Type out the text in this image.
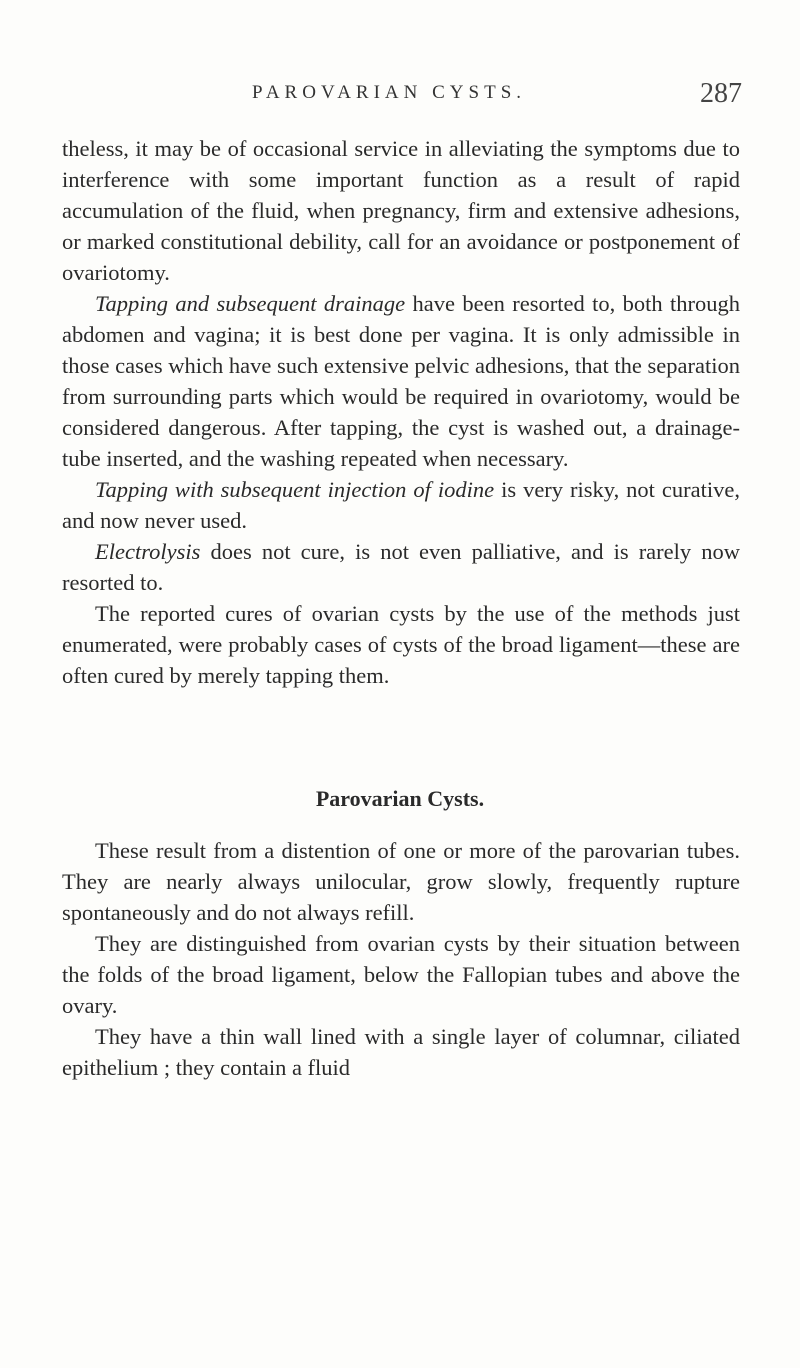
PAROVARIAN CYSTS.	287

theless, it may be of occasional service in alleviating the symptoms due to interference with some important function as a result of rapid accumulation of the fluid, when pregnancy, firm and extensive adhesions, or marked constitutional debility, call for an avoidance or postponement of ovariotomy.

Tapping and subsequent drainage have been resorted to, both through abdomen and vagina; it is best done per vagina. It is only admissible in those cases which have such extensive pelvic adhesions, that the separation from surrounding parts which would be required in ovariotomy, would be considered dangerous. After tapping, the cyst is washed out, a drainage-tube inserted, and the washing repeated when necessary.

Tapping with subsequent injection of iodine is very risky, not curative, and now never used.

Electrolysis does not cure, is not even palliative, and is rarely now resorted to.

The reported cures of ovarian cysts by the use of the methods just enumerated, were probably cases of cysts of the broad ligament—these are often cured by merely tapping them.

Parovarian Cysts.

These result from a distention of one or more of the parovarian tubes. They are nearly always unilocular, grow slowly, frequently rupture spontaneously and do not always refill.

They are distinguished from ovarian cysts by their situation between the folds of the broad ligament, below the Fallopian tubes and above the ovary.

They have a thin wall lined with a single layer of columnar, ciliated epithelium ; they contain a fluid
